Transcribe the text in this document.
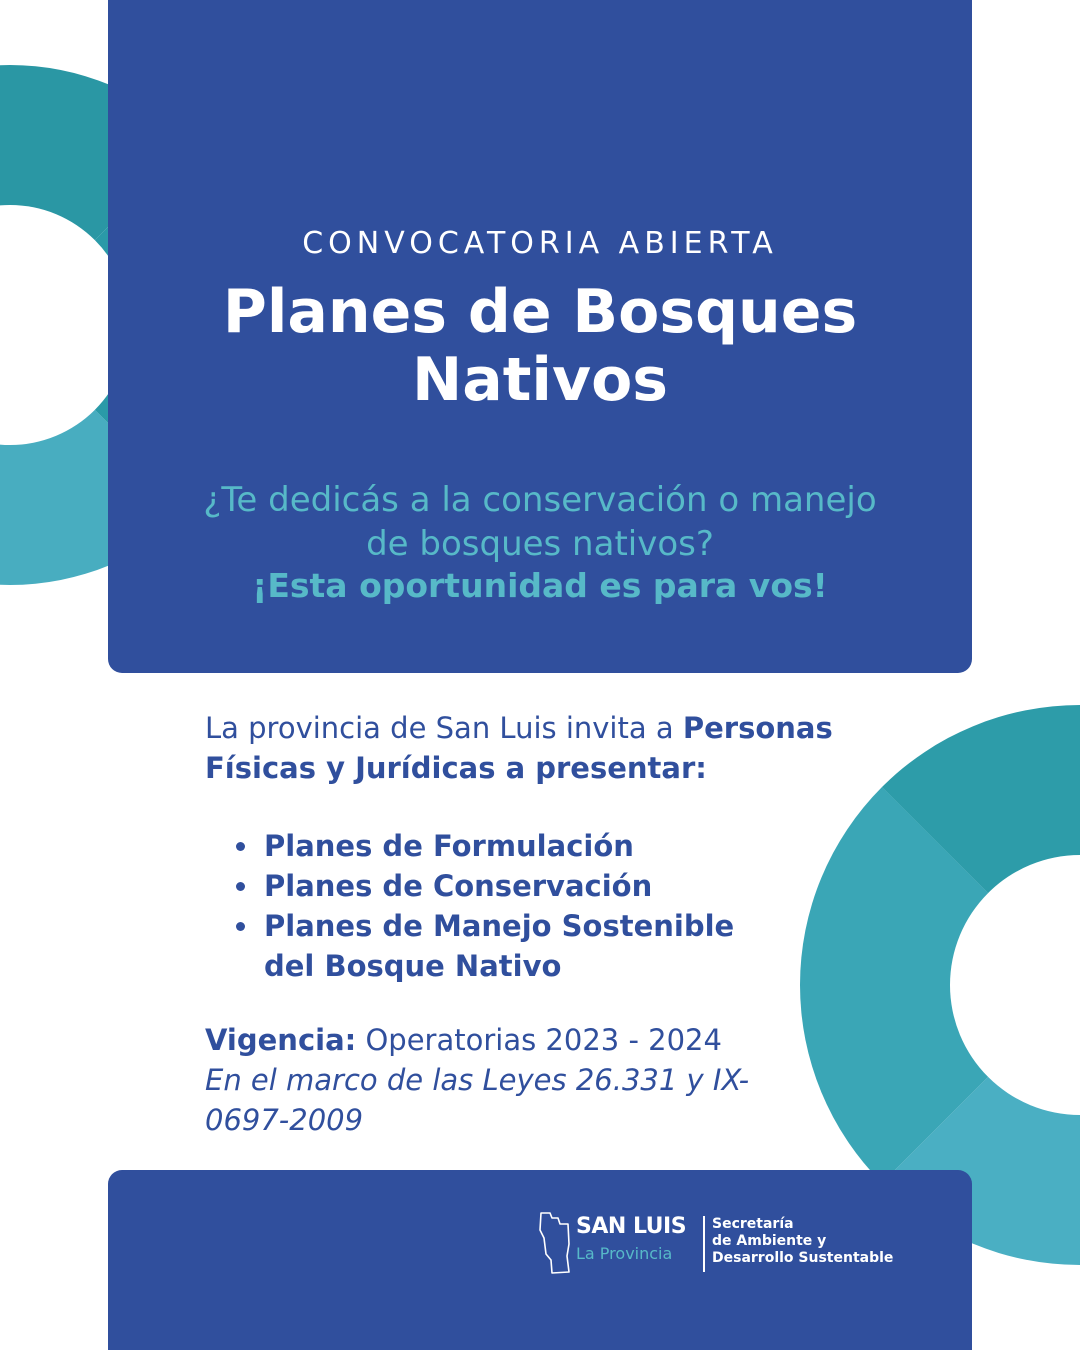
CONVOCATORIA ABIERTA
Planes de Bosques
Nativos
¿Te dedicás a la conservación o manejo
de bosques nativos?
¡Esta oportunidad es para vos!
La provincia de San Luis invita a Personas Físicas y Jurídicas a presentar:
Planes de Formulación
Planes de Conservación
Planes de Manejo Sostenible del Bosque Nativo
Vigencia: Operatorias 2023 - 2024
En el marco de las Leyes 26.331 y IX-0697-2009
SAN LUIS
La Provincia
Secretaría
de Ambiente y
Desarrollo Sustentable
